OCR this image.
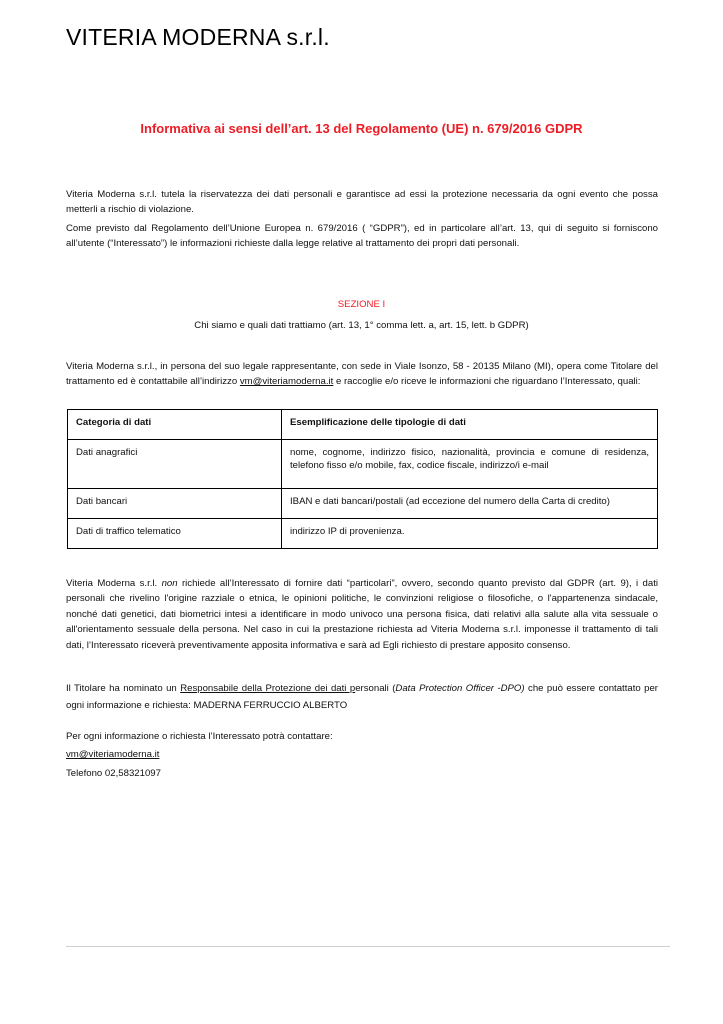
VITERIA MODERNA s.r.l.
Informativa ai sensi dell’art. 13 del Regolamento (UE) n. 679/2016 GDPR

Viteria Moderna s.r.l. tutela la riservatezza dei dati personali e garantisce ad essi la protezione necessaria da ogni evento che possa metterli a rischio di violazione.

Come previsto dal Regolamento dell’Unione Europea n. 679/2016 ( “GDPR”), ed in particolare all’art. 13, qui di seguito si forniscono all’utente (“Interessato”) le informazioni richieste dalla legge relative al trattamento dei propri dati personali.

SEZIONE I
Chi siamo e quali dati trattiamo (art. 13, 1° comma lett. a, art. 15, lett. b GDPR)

Viteria Moderna s.r.l., in persona del suo legale rappresentante, con sede in Viale Isonzo, 58 - 20135 Milano (MI), opera come Titolare del trattamento ed è contattabile all’indirizzo vm@viteriamoderna.it e raccoglie e/o riceve le informazioni che riguardano l’Interessato, quali:

Categoria di dati	Esemplificazione delle tipologie di dati
Dati anagrafici	nome, cognome, indirizzo fisico, nazionalità, provincia e comune di residenza, telefono fisso e/o mobile, fax, codice fiscale, indirizzo/i e-mail
Dati bancari	IBAN e dati bancari/postali (ad eccezione del numero della Carta di credito)
Dati di traffico telematico	indirizzo IP di provenienza.

Viteria Moderna s.r.l. non richiede all’Interessato di fornire dati “particolari”, ovvero, secondo quanto previsto dal GDPR (art. 9), i dati personali che rivelino l'origine razziale o etnica, le opinioni politiche, le convinzioni religiose o filosofiche, o l'appartenenza sindacale, nonché dati genetici, dati biometrici intesi a identificare in modo univoco una persona fisica, dati relativi alla salute alla vita sessuale o all'orientamento sessuale della persona. Nel caso in cui la prestazione richiesta ad Viteria Moderna s.r.l. imponesse il trattamento di tali dati, l’Interessato riceverà preventivamente apposita informativa e sarà ad Egli richiesto di prestare apposito consenso.

Il Titolare ha nominato un Responsabile della Protezione dei dati personali (Data Protection Officer -DPO) che può essere contattato per ogni informazione e richiesta: MADERNA FERRUCCIO ALBERTO

Per ogni informazione o richiesta l’Interessato potrà contattare:
vm@viteriamoderna.it
Telefono 02,58321097
